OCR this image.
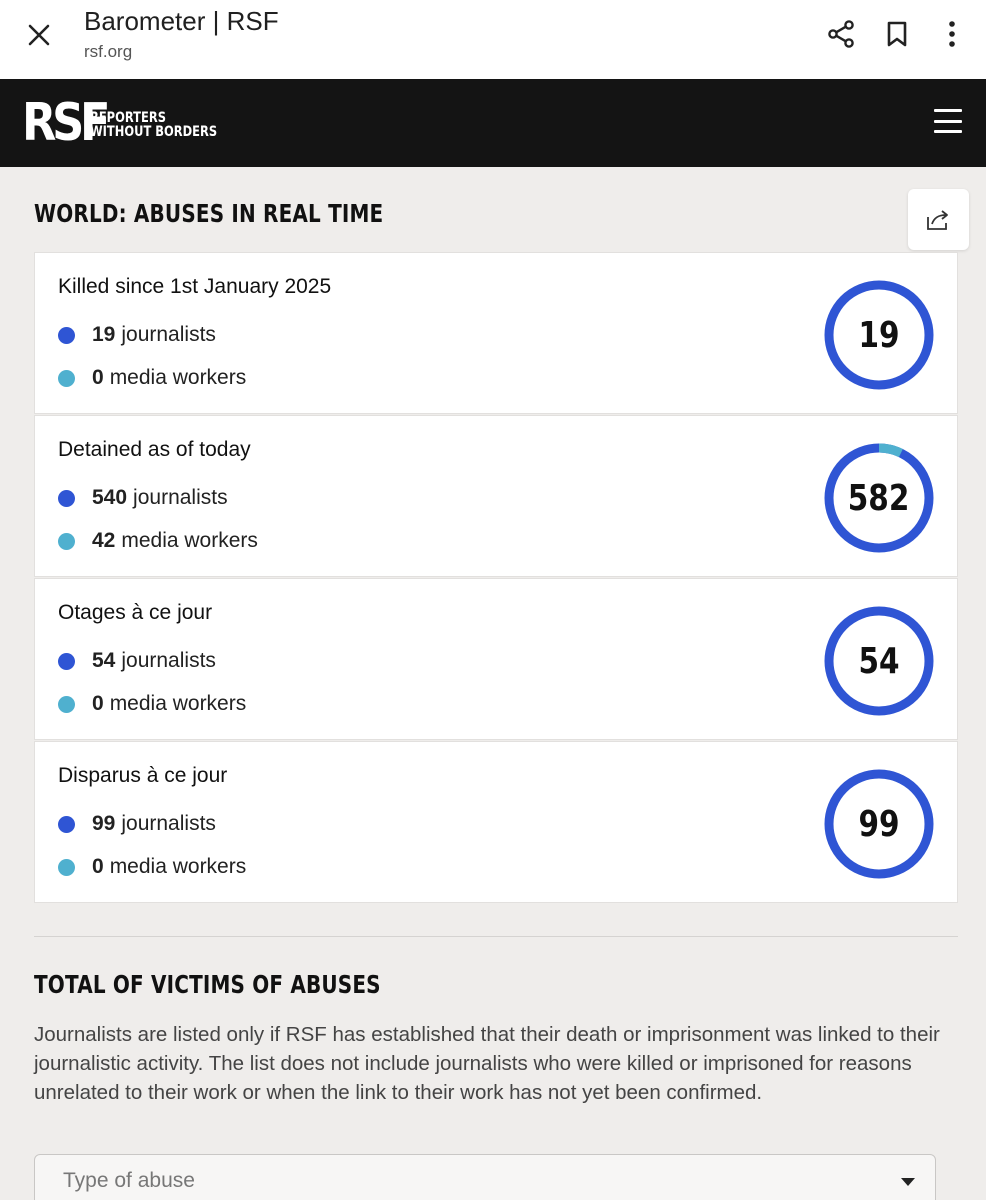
Barometer | RSF
rsf.org
RSF
REPORTERS
WITHOUT BORDERS
WORLD: ABUSES IN REAL TIME
Killed since 1st January 2025
19 journalists
0 media workers
19
Detained as of today
540 journalists
42 media workers
582
Otages à ce jour
54 journalists
0 media workers
54
Disparus à ce jour
99 journalists
0 media workers
99
TOTAL OF VICTIMS OF ABUSES

Journalists are listed only if RSF has established that their death or imprisonment was linked to their journalistic activity. The list does not include journalists who were killed or imprisoned for reasons unrelated to their work or when the link to their work has not yet been confirmed.

Type of abuse
